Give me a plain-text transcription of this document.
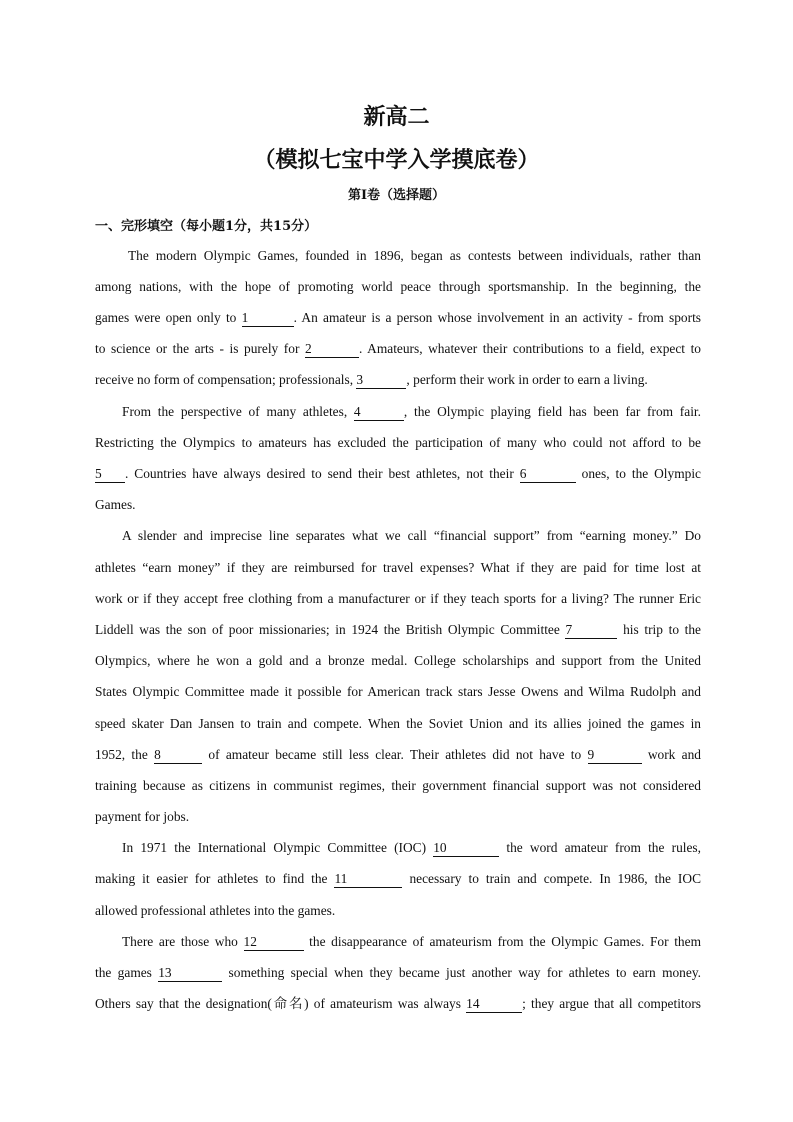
新高二
（模拟七宝中学入学摸底卷）
第Ⅰ卷（选择题）
一、完形填空（每小题1分，共15分）
The modern Olympic Games, founded in 1896, began as contests between individuals, rather than
among nations, with the hope of promoting world peace through sportsmanship. In the beginning, the
games were open only to 1	. An amateur is a person whose involvement in an activity - from sports
to science or the arts - is purely for 2	. Amateurs, whatever their contributions to a field, expect to
receive no form of compensation; professionals, 3	, perform their work in order to earn a living.
From the perspective of many athletes, 4	, the Olympic playing field has been far from fair.
Restricting the Olympics to amateurs has excluded the participation of many who could not afford to be
5 . Countries have always desired to send their best athletes, not their 6	ones, to the Olympic
Games.
A slender and imprecise line separates what we call “financial support” from “earning money.” Do
athletes “earn money” if they are reimbursed for travel expenses? What if they are paid for time lost at
work or if they accept free clothing from a manufacturer or if they teach sports for a living? The runner Eric
Liddell was the son of poor missionaries; in 1924 the British Olympic Committee 7	his trip to the
Olympics, where he won a gold and a bronze medal. College scholarships and support from the United
States Olympic Committee made it possible for American track stars Jesse Owens and Wilma Rudolph and
speed skater Dan Jansen to train and compete. When the Soviet Union and its allies joined the games in
1952, the 8	of amateur became still less clear. Their athletes did not have to 9	work and
training because as citizens in communist regimes, their government financial support was not considered
payment for jobs.
In 1971 the International Olympic Committee (IOC) 10	the word amateur from the rules,
making it easier for athletes to find the 11	necessary to train and compete. In 1986, the IOC
allowed professional athletes into the games.
There are those who 12	the disappearance of amateurism from the Olympic Games. For them
the games 13	something special when they became just another way for athletes to earn money.
Others say that the designation(命名) of amateurism was always 14	; they argue that all competitors
